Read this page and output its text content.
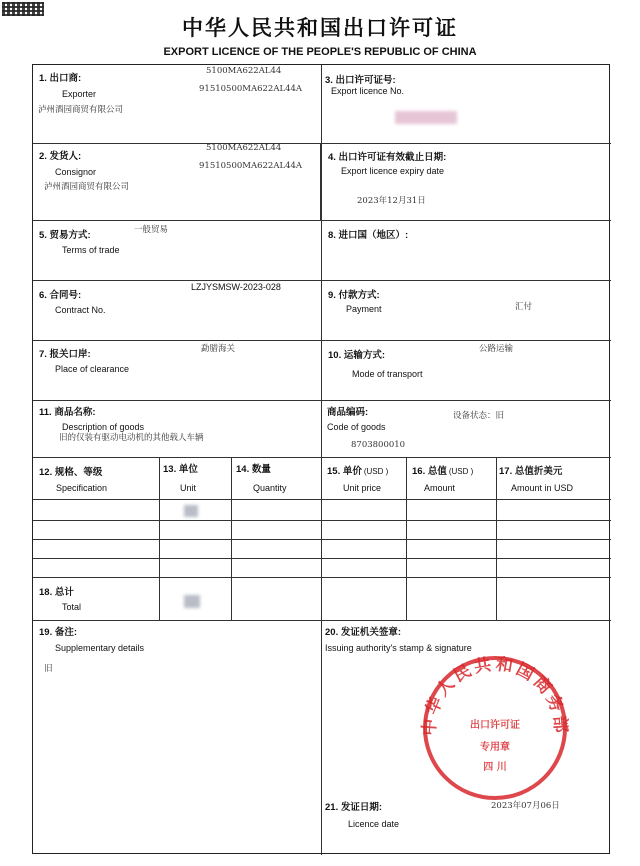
中华人民共和国出口许可证
EXPORT LICENCE OF THE PEOPLE'S REPUBLIC OF CHINA
1. 出口商:
Exporter
5100MA622AL44
91510500MA622AL44A
泸州酒园商贸有限公司
3. 出口许可证号:
Export licence No.
2. 发货人:
Consignor
5100MA622AL44
91510500MA622AL44A
泸州酒园商贸有限公司
4. 出口许可证有效截止日期:
Export licence expiry date
2023年12月31日
5. 贸易方式:
Terms of trade
一般贸易	8. 进口国（地区）:
6. 合同号:
Contract No.
LZJYSMSW-2023-028
9. 付款方式:
Payment	汇付
7. 报关口岸:
Place of clearance
勐腊海关
10. 运输方式:
Mode of transport
公路运输
11. 商品名称:
Description of goods
旧的仅装有驱动电动机的其他载人车辆
商品编码:
Code of goods
8703800010
设备状态：旧
12. 规格、等级
Specification
13. 单位
Unit
14. 数量
Quantity
15. 单价 (USD )
Unit price
16. 总值 (USD )
Amount
17. 总值折美元
Amount in USD
18. 总计
Total
19. 备注:
Supplementary details
旧
20. 发证机关签章:
Issuing authority's stamp & signature
21. 发证日期:
Licence date
2023年07月06日
中华人民共和国商务部
出口许可证
专用章
四 川
